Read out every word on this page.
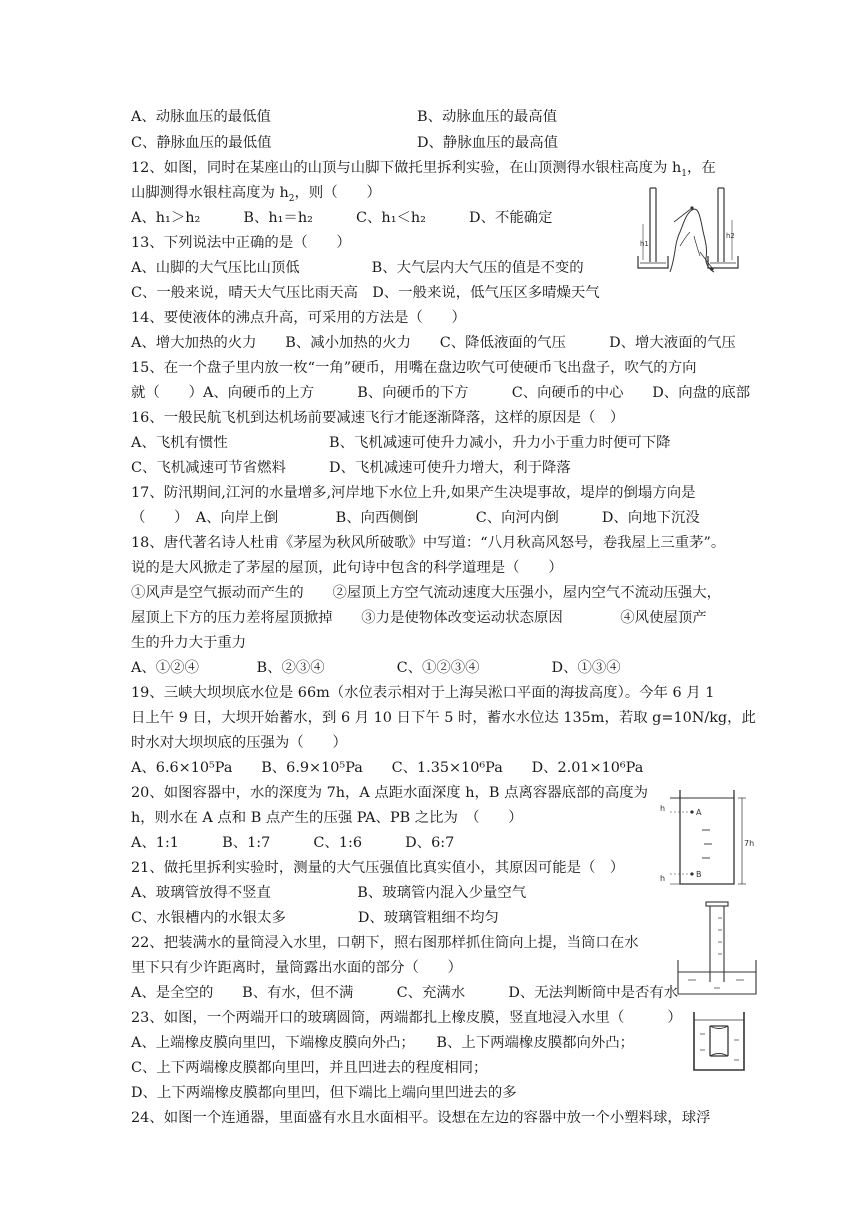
A、动脉血压的最低值	B、动脉血压的最高值
C、静脉血压的最低值	D、静脉血压的最高值
12、如图，同时在某座山的山顶与山脚下做托里拆利实验，在山顶测得水银柱高度为 $h_1$，在
山脚测得水银柱高度为 $h_2$，则（　　）
A、h₁＞h₂　　　B、h₁＝h₂　　　C、h₁＜h₂　　　D、不能确定
h1
h2
13、下列说法中正确的是（　　）
A、山脚的大气压比山顶低　　　　　B、大气层内大气压的值是不变的
C、一般来说，晴天大气压比雨天高　D、一般来说，低气压区多晴燥天气
14、要使液体的沸点升高，可采用的方法是（　　）
A、增大加热的火力　　B、减小加热的火力　　C、降低液面的气压　　　D、增大液面的气压
15、在一个盘子里内放一枚“一角”硬币，用嘴在盘边吹气可使硬币飞出盘子，吹气的方向
就（　　）A、向硬币的上方　　　B、向硬币的下方　　　C、向硬币的中心　　D、向盘的底部
16、一般民航飞机到达机场前要减速飞行才能逐渐降落，这样的原因是（　）
A、飞机有惯性	B、飞机减速可使升力减小，升力小于重力时便可下降
C、飞机减速可节省燃料	D、飞机减速可使升力增大，利于降落
17、防汛期间,江河的水量增多,河岸地下水位上升,如果产生决堤事故，堤岸的倒塌方向是
（　　）　A、向岸上倒　　　　B、向西侧倒　　　　C、向河内倒　　　D、向地下沉没
18、唐代著名诗人杜甫《茅屋为秋风所破歌》中写道：“八月秋高风怒号，卷我屋上三重茅”。
说的是大风掀走了茅屋的屋顶，此句诗中包含的科学道理是（　　）
①风声是空气振动而产生的　　②屋顶上方空气流动速度大压强小，屋内空气不流动压强大，
屋顶上下方的压力差将屋顶掀掉　　③力是使物体改变运动状态原因　　　　④风使屋顶产
生的升力大于重力
A、①②④　　　　B、②③④　　　　　C、①②③④　　　　　D、①③④
19、三峡大坝坝底水位是 66m（水位表示相对于上海吴淞口平面的海拔高度）。今年 6 月 1
日上午 9 日，大坝开始蓄水，到 6 月 10 日下午 5 时，蓄水水位达 135m，若取 g=10N/kg，此
时水对大坝坝底的压强为（　　）
A、6.6×10⁵Pa　　B、6.9×10⁵Pa　　C、1.35×10⁶Pa　　D、2.01×10⁶Pa
20、如图容器中，水的深度为 7h，A 点距水面深度 h，B 点离容器底部的高度为
h，则水在 A 点和 B 点产生的压强 PA、PB 之比为　（　　）
A、1:1　　　B、1:7　　　C、1:6　　　D、6:7
A
h
B
h
7h
21、做托里拆利实验时，测量的大气压强值比真实值小，其原因可能是（　）
A、玻璃管放得不竖直　　　　　　B、玻璃管内混入少量空气
C、水银槽内的水银太多　　　　　D、玻璃管粗细不均匀
22、把装满水的量筒浸入水里，口朝下，照右图那样抓住筒向上提，当筒口在水
里下只有少许距离时，量筒露出水面的部分（　　）
A、是全空的　　B、有水，但不满　　　C、充满水　　　D、无法判断筒中是否有水
23、如图，一个两端开口的玻璃圆筒，两端都扎上橡皮膜，竖直地浸入水里（　　　）
A、上端橡皮膜向里凹，下端橡皮膜向外凸；　　B、上下两端橡皮膜都向外凸；
C、上下两端橡皮膜都向里凹，并且凹进去的程度相同；
D、上下两端橡皮膜都向里凹，但下端比上端向里凹进去的多
24、如图一个连通器，里面盛有水且水面相平。设想在左边的容器中放一个小塑料球，球浮
